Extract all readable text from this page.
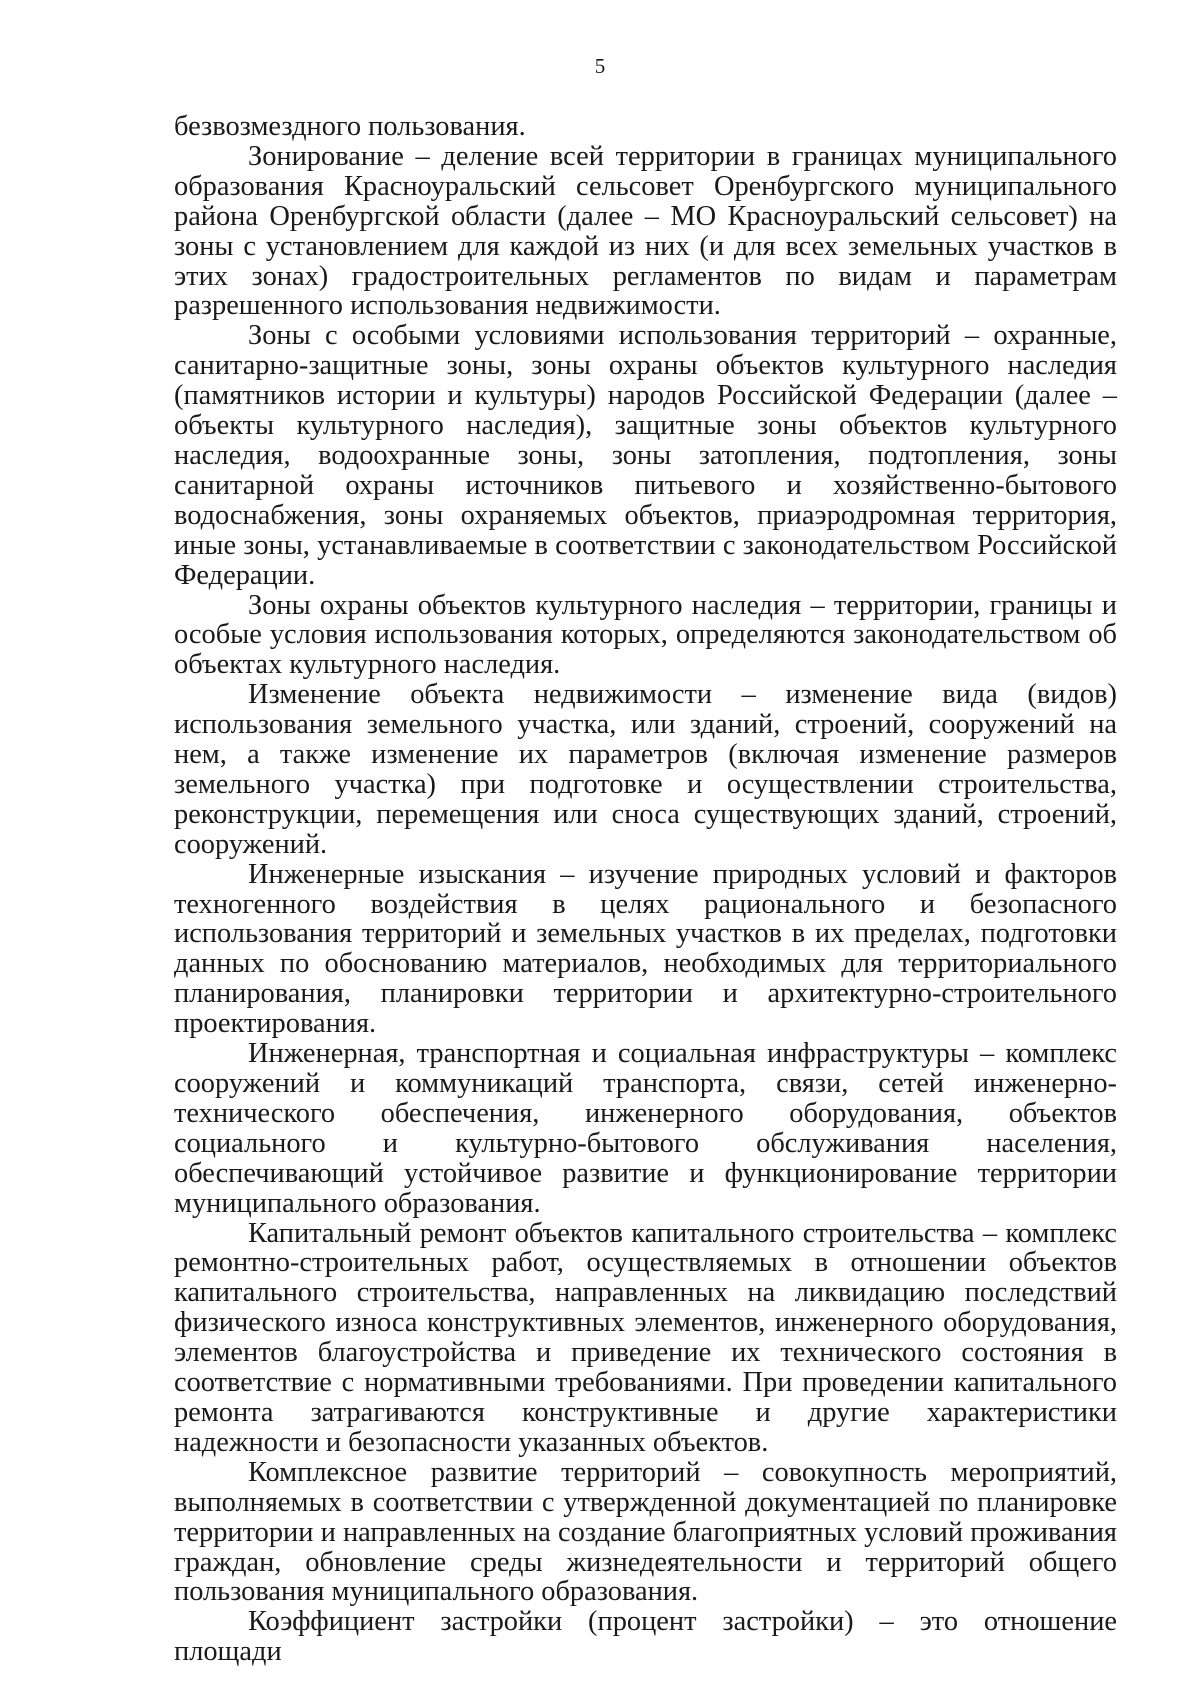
5

безвозмездного пользования.

Зонирование – деление всей территории в границах муниципального образования Красноуральский сельсовет Оренбургского муниципального района Оренбургской области (далее – МО Красноуральский сельсовет) на зоны с установлением для каждой из них (и для всех земельных участков в этих зонах) градостроительных регламентов по видам и параметрам разрешенного использования недвижимости.

Зоны с особыми условиями использования территорий – охранные, санитарно-защитные зоны, зоны охраны объектов культурного наследия (памятников истории и культуры) народов Российской Федерации (далее – объекты культурного наследия), защитные зоны объектов культурного наследия, водоохранные зоны, зоны затопления, подтопления, зоны санитарной охраны источников питьевого и хозяйственно-бытового водоснабжения, зоны охраняемых объектов, приаэродромная территория, иные зоны, устанавливаемые в соответствии с законодательством Российской Федерации.

Зоны охраны объектов культурного наследия – территории, границы и особые условия использования которых, определяются законодательством об объектах культурного наследия.

Изменение объекта недвижимости – изменение вида (видов) использования земельного участка, или зданий, строений, сооружений на нем, а также изменение их параметров (включая изменение размеров земельного участка) при подготовке и осуществлении строительства, реконструкции, перемещения или сноса существующих зданий, строений, сооружений.

Инженерные изыскания – изучение природных условий и факторов техногенного воздействия в целях рационального и безопасного использования территорий и земельных участков в их пределах, подготовки данных по обоснованию материалов, необходимых для территориального планирования, планировки территории и архитектурно-строительного проектирования.

Инженерная, транспортная и социальная инфраструктуры – комплекс сооружений и коммуникаций транспорта, связи, сетей инженерно-технического обеспечения, инженерного оборудования, объектов социального и культурно-бытового обслуживания населения, обеспечивающий устойчивое развитие и функционирование территории муниципального образования.

Капитальный ремонт объектов капитального строительства – комплекс ремонтно-строительных работ, осуществляемых в отношении объектов капитального строительства, направленных на ликвидацию последствий физического износа конструктивных элементов, инженерного оборудования, элементов благоустройства и приведение их технического состояния в соответствие с нормативными требованиями. При проведении капитального ремонта затрагиваются конструктивные и другие характеристики надежности и безопасности указанных объектов.

Комплексное развитие территорий – совокупность мероприятий, выполняемых в соответствии с утвержденной документацией по планировке территории и направленных на создание благоприятных условий проживания граждан, обновление среды жизнедеятельности и территорий общего пользования муниципального образования.

Коэффициент застройки (процент застройки) – это отношение площади
